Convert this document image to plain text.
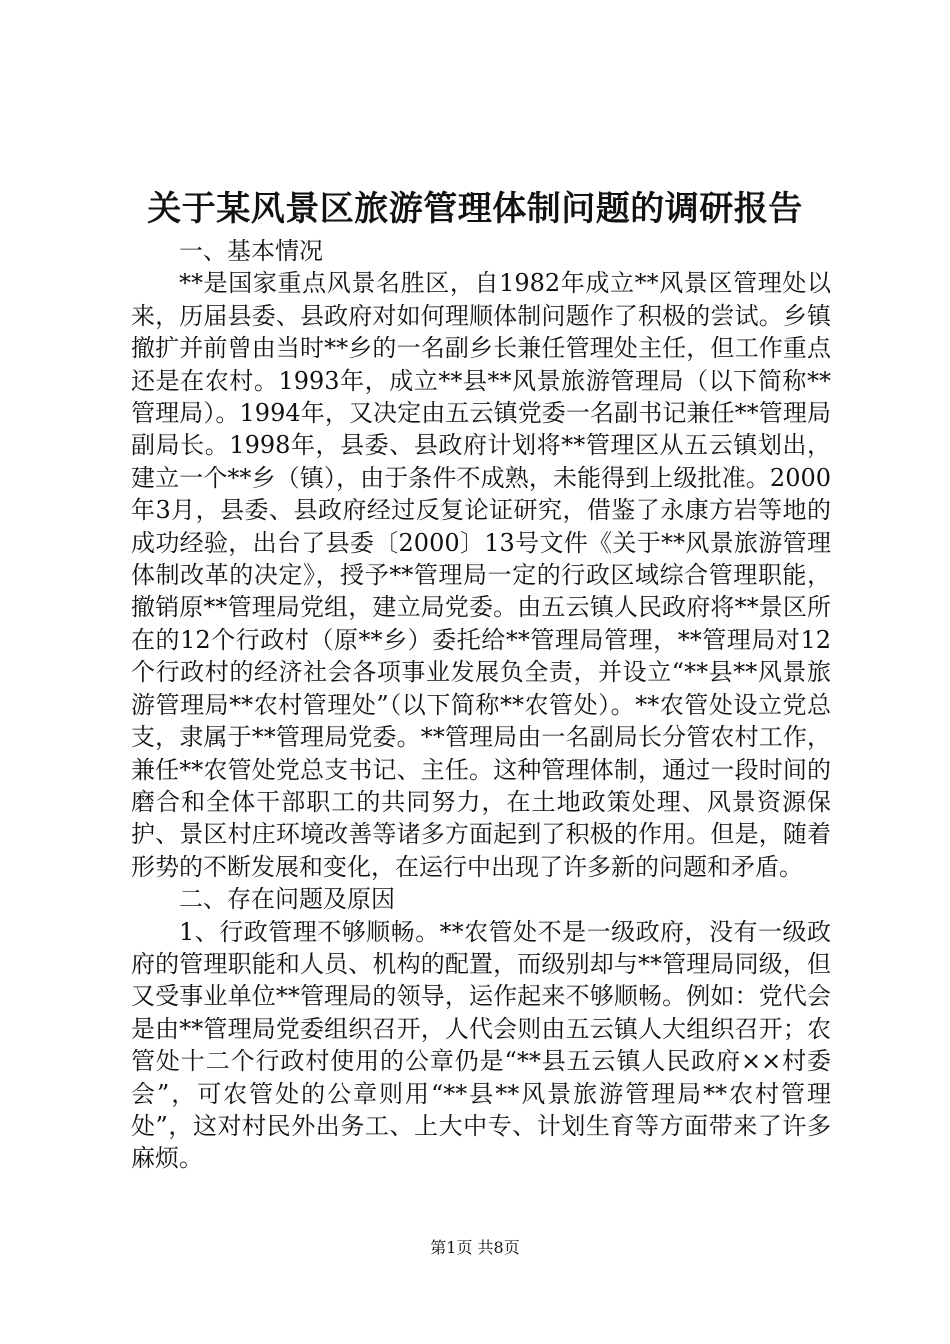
关于某风景区旅游管理体制问题的调研报告

一、基本情况

**是国家重点风景名胜区，自1982年成立**风景区管理处以来，历届县委、县政府对如何理顺体制问题作了积极的尝试。乡镇撤扩并前曾由当时**乡的一名副乡长兼任管理处主任，但工作重点还是在农村。1993年，成立**县**风景旅游管理局（以下简称**管理局）。1994年，又决定由五云镇党委一名副书记兼任**管理局副局长。1998年，县委、县政府计划将**管理区从五云镇划出，建立一个**乡（镇），由于条件不成熟，未能得到上级批准。2000年3月，县委、县政府经过反复论证研究，借鉴了永康方岩等地的成功经验，出台了县委〔2000〕13号文件《关于**风景旅游管理体制改革的决定》，授予**管理局一定的行政区域综合管理职能，撤销原**管理局党组，建立局党委。由五云镇人民政府将**景区所在的12个行政村（原**乡）委托给**管理局管理，**管理局对12个行政村的经济社会各项事业发展负全责，并设立“**县**风景旅游管理局**农村管理处”（以下简称**农管处）。**农管处设立党总支，隶属于**管理局党委。**管理局由一名副局长分管农村工作，兼任**农管处党总支书记、主任。这种管理体制，通过一段时间的磨合和全体干部职工的共同努力，在土地政策处理、风景资源保护、景区村庄环境改善等诸多方面起到了积极的作用。但是，随着形势的不断发展和变化，在运行中出现了许多新的问题和矛盾。

二、存在问题及原因

1、行政管理不够顺畅。**农管处不是一级政府，没有一级政府的管理职能和人员、机构的配置，而级别却与**管理局同级，但又受事业单位**管理局的领导，运作起来不够顺畅。例如：党代会是由**管理局党委组织召开，人代会则由五云镇人大组织召开；农管处十二个行政村使用的公章仍是“**县五云镇人民政府××村委会”，可农管处的公章则用“**县**风景旅游管理局**农村管理处”，这对村民外出务工、上大中专、计划生育等方面带来了许多麻烦。

第1页 共8页
